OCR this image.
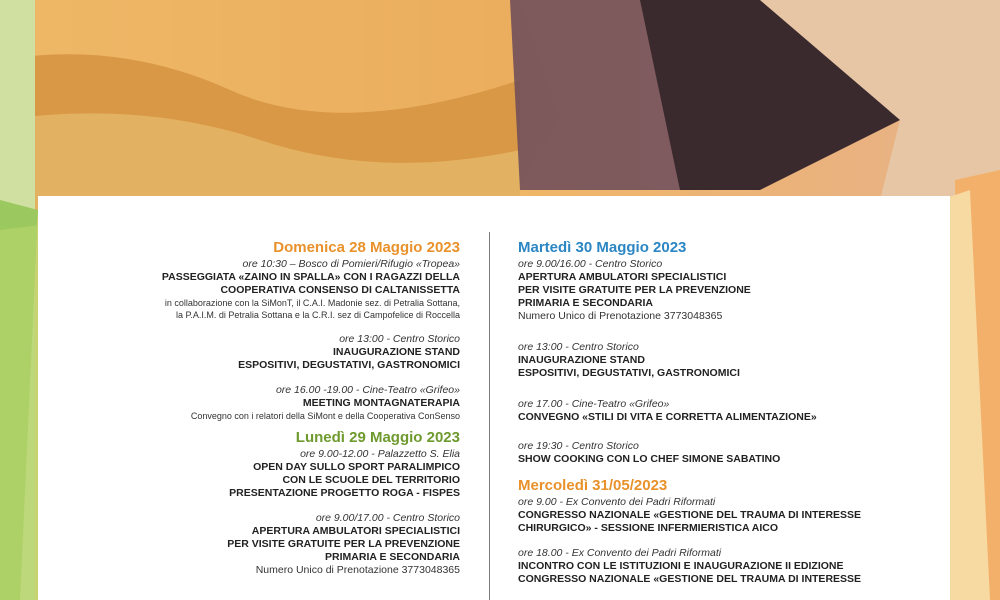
Domenica 28 Maggio 2023
ore 10:30 – Bosco di Pomieri/Rifugio «Tropea»
PASSEGGIATA «ZAINO IN SPALLA» CON I RAGAZZI DELLA
COOPERATIVA CONSENSO DI CALTANISSETTA
in collaborazione con la SiMonT, il C.A.I. Madonie sez. di Petralia Sottana,
la P.A.I.M. di Petralia Sottana e la C.R.I. sez di Campofelice di Roccella
ore 13:00 - Centro Storico
INAUGURAZIONE STAND
ESPOSITIVI, DEGUSTATIVI, GASTRONOMICI
ore 16.00 -19.00 - Cine-Teatro «Grifeo»
MEETING MONTAGNATERAPIA
Convegno con i relatori della SiMont e della Cooperativa ConSenso
Lunedì 29 Maggio 2023
ore 9.00-12.00 - Palazzetto S. Elia
OPEN DAY SULLO SPORT PARALIMPICO
CON LE SCUOLE DEL TERRITORIO
PRESENTAZIONE PROGETTO ROGA - FISPES
ore 9.00/17.00 - Centro Storico
APERTURA AMBULATORI SPECIALISTICI
PER VISITE GRATUITE PER LA PREVENZIONE
PRIMARIA E SECONDARIA
Numero Unico di Prenotazione 3773048365
Martedì 30 Maggio 2023
ore 9.00/16.00 - Centro Storico
APERTURA AMBULATORI SPECIALISTICI
PER VISITE GRATUITE PER LA PREVENZIONE
PRIMARIA E SECONDARIA
Numero Unico di Prenotazione 3773048365
ore 13:00 - Centro Storico
INAUGURAZIONE STAND
ESPOSITIVI, DEGUSTATIVI, GASTRONOMICI
ore 17.00 - Cine-Teatro «Grifeo»
CONVEGNO «STILI DI VITA E CORRETTA ALIMENTAZIONE»
ore 19:30 - Centro Storico
SHOW COOKING CON LO CHEF SIMONE SABATINO
Mercoledì 31/05/2023
ore 9.00 - Ex Convento dei Padri Riformati
CONGRESSO NAZIONALE «GESTIONE DEL TRAUMA DI INTERESSE
CHIRURGICO» - SESSIONE INFERMIERISTICA AICO
ore 18.00 - Ex Convento dei Padri Riformati
INCONTRO CON LE ISTITUZIONI E INAUGURAZIONE II EDIZIONE
CONGRESSO NAZIONALE «GESTIONE DEL TRAUMA DI INTERESSE
